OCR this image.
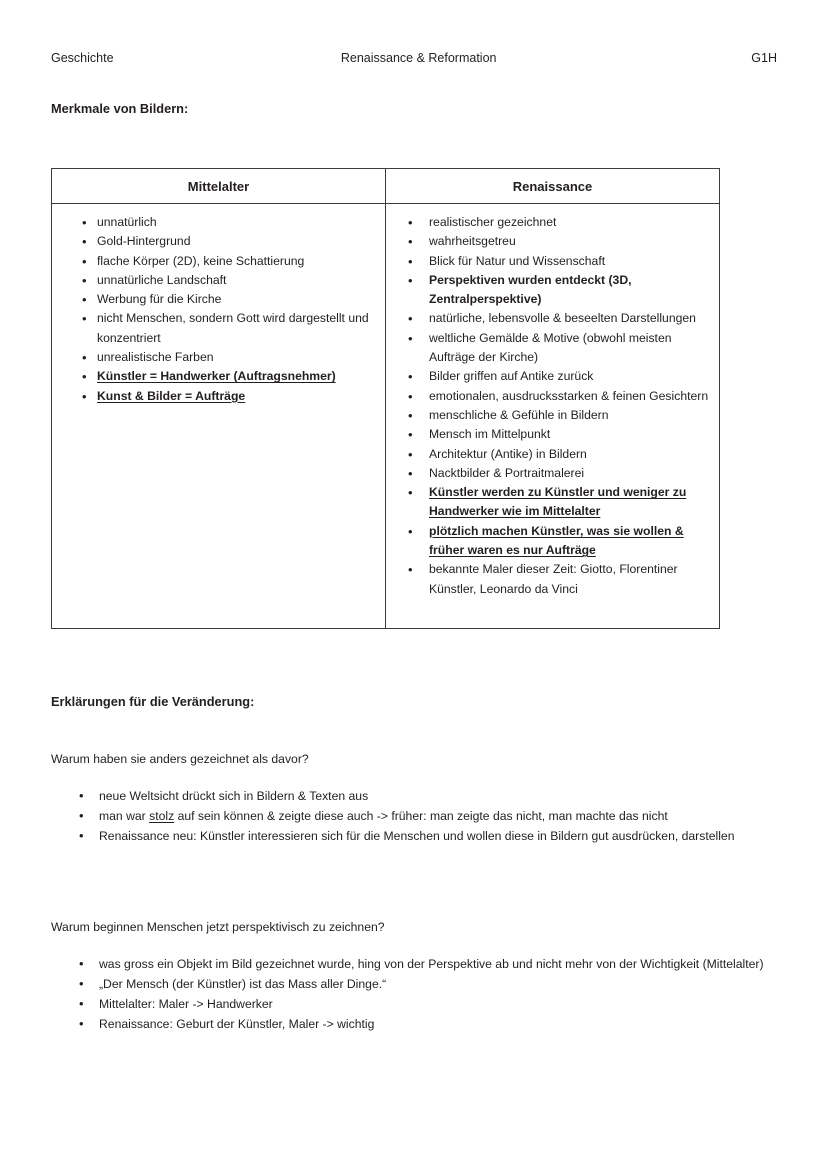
Geschichte	Renaissance & Reformation	G1H
Merkmale von Bildern:
Mittelalter	Renaissance

• unnatürlich
• Gold-Hintergrund
• flache Körper (2D), keine Schattierung
• unnatürliche Landschaft
• Werbung für die Kirche
• nicht Menschen, sondern Gott wird dargestellt und konzentriert
• unrealistische Farben
• Künstler = Handwerker (Auftragsnehmer)
• Kunst & Bilder = Aufträge

• realistischer gezeichnet
• wahrheitsgetreu
• Blick für Natur und Wissenschaft
• Perspektiven wurden entdeckt (3D, Zentralperspektive)
• natürliche, lebensvolle & beseelten Darstellungen
• weltliche Gemälde & Motive (obwohl meisten Aufträge der Kirche)
• Bilder griffen auf Antike zurück
• emotionalen, ausdrucksstarken & feinen Gesichtern
• menschliche & Gefühle in Bildern
• Mensch im Mittelpunkt
• Architektur (Antike) in Bildern
• Nacktbilder & Portraitmalerei
• Künstler werden zu Künstler und weniger zu Handwerker wie im Mittelalter
• plötzlich machen Künstler, was sie wollen & früher waren es nur Aufträge
• bekannte Maler dieser Zeit: Giotto, Florentiner Künstler, Leonardo da Vinci
Erklärungen für die Veränderung:
Warum haben sie anders gezeichnet als davor?
• neue Weltsicht drückt sich in Bildern & Texten aus
• man war stolz auf sein können & zeigte diese auch -> früher: man zeigte das nicht, man machte das nicht
• Renaissance neu: Künstler interessieren sich für die Menschen und wollen diese in Bildern gut ausdrücken, darstellen
Warum beginnen Menschen jetzt perspektivisch zu zeichnen?
• was gross ein Objekt im Bild gezeichnet wurde, hing von der Perspektive ab und nicht mehr von der Wichtigkeit (Mittelalter)
• „Der Mensch (der Künstler) ist das Mass aller Dinge.“
• Mittelalter: Maler -> Handwerker
• Renaissance: Geburt der Künstler, Maler -> wichtig
